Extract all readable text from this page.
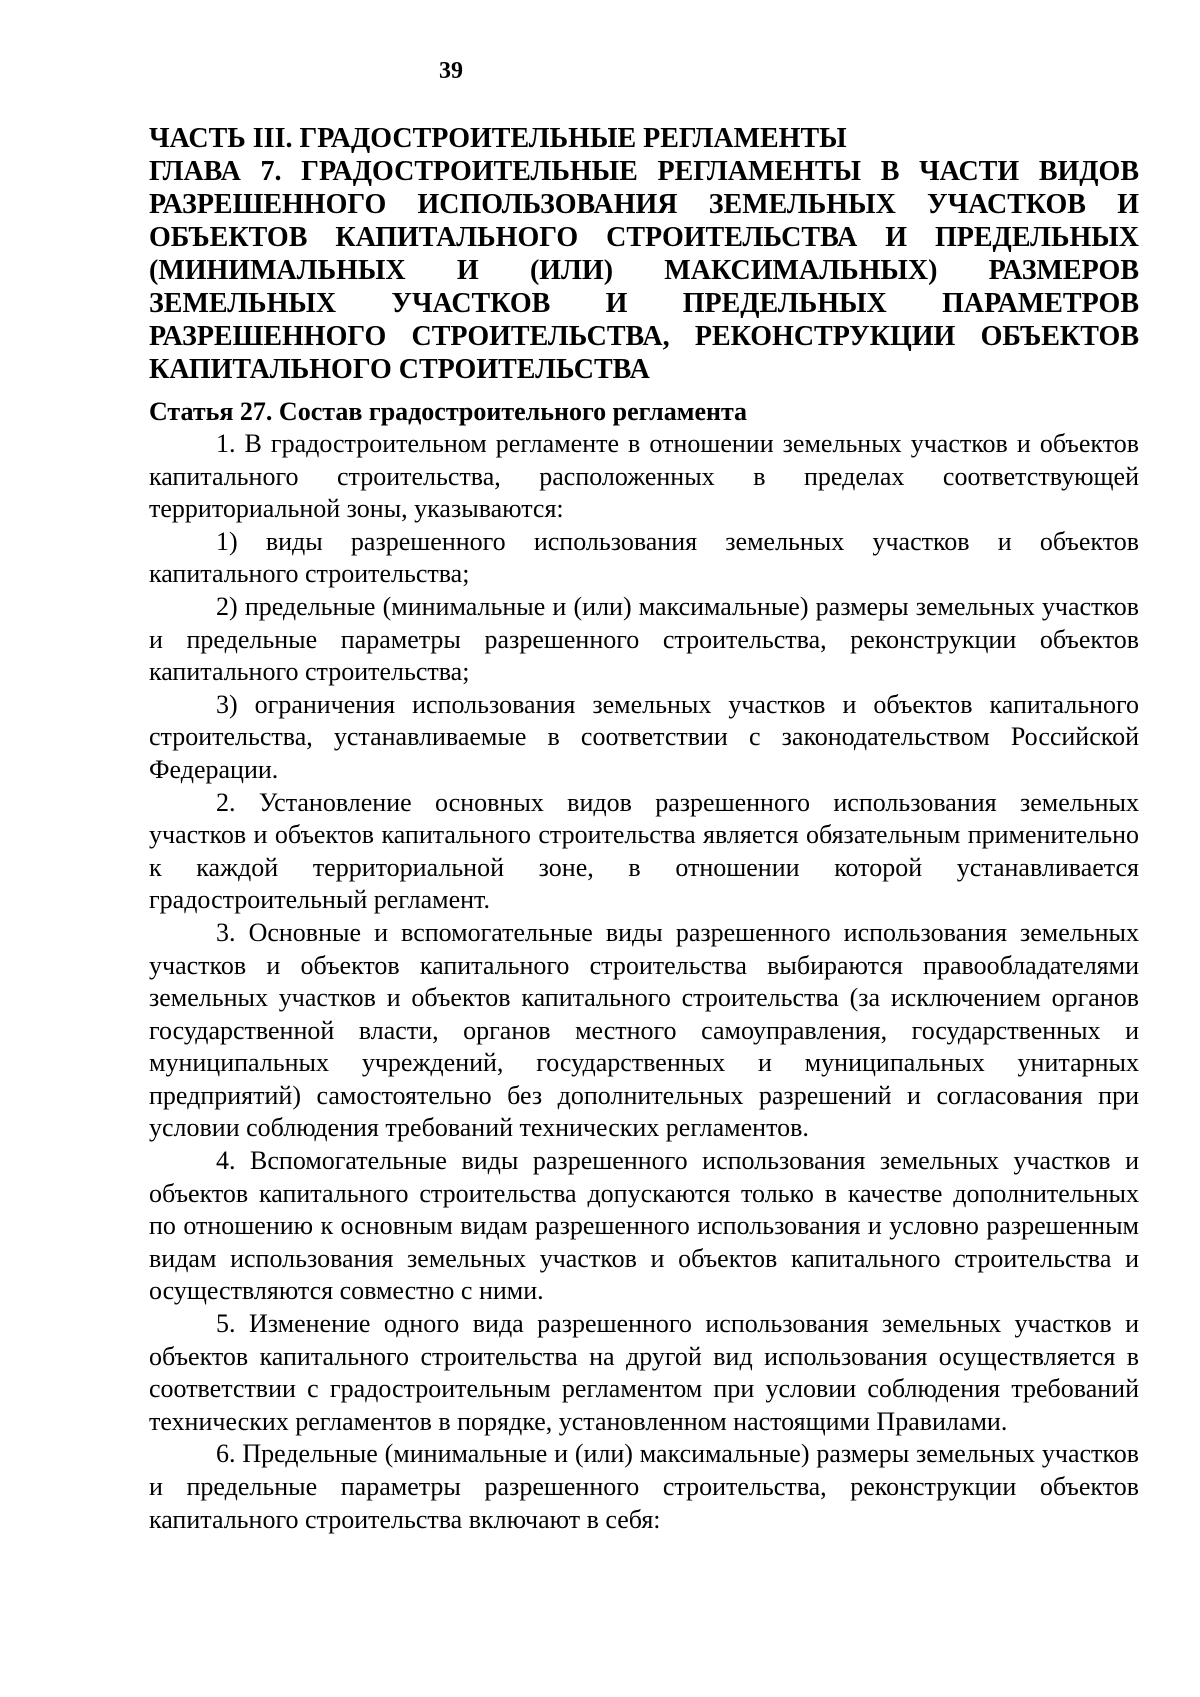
39
ЧАСТЬ III. ГРАДОСТРОИТЕЛЬНЫЕ РЕГЛАМЕНТЫ
ГЛАВА 7. ГРАДОСТРОИТЕЛЬНЫЕ РЕГЛАМЕНТЫ В ЧАСТИ ВИДОВ РАЗРЕШЕННОГО ИСПОЛЬЗОВАНИЯ ЗЕМЕЛЬНЫХ УЧАСТКОВ И ОБЪЕКТОВ КАПИТАЛЬНОГО СТРОИТЕЛЬСТВА И ПРЕДЕЛЬНЫХ (МИНИМАЛЬНЫХ И (ИЛИ) МАКСИМАЛЬНЫХ) РАЗМЕРОВ ЗЕМЕЛЬНЫХ УЧАСТКОВ И ПРЕДЕЛЬНЫХ ПАРАМЕТРОВ РАЗРЕШЕННОГО СТРОИТЕЛЬСТВА, РЕКОНСТРУКЦИИ ОБЪЕКТОВ КАПИТАЛЬНОГО СТРОИТЕЛЬСТВА
Статья 27. Состав градостроительного регламента

1. В градостроительном регламенте в отношении земельных участков и объектов капитального строительства, расположенных в пределах соответствующей территориальной зоны, указываются:

1) виды разрешенного использования земельных участков и объектов капитального строительства;

2) предельные (минимальные и (или) максимальные) размеры земельных участков и предельные параметры разрешенного строительства, реконструкции объектов капитального строительства;

3) ограничения использования земельных участков и объектов капитального строительства, устанавливаемые в соответствии с законодательством Российской Федерации.

2. Установление основных видов разрешенного использования земельных участков и объектов капитального строительства является обязательным применительно к каждой территориальной зоне, в отношении которой устанавливается градостроительный регламент.

3. Основные и вспомогательные виды разрешенного использования земельных участков и объектов капитального строительства выбираются правообладателями земельных участков и объектов капитального строительства (за исключением органов государственной власти, органов местного самоуправления, государственных и муниципальных учреждений, государственных и муниципальных унитарных предприятий) самостоятельно без дополнительных разрешений и согласования при условии соблюдения требований технических регламентов.

4. Вспомогательные виды разрешенного использования земельных участков и объектов капитального строительства допускаются только в качестве дополнительных по отношению к основным видам разрешенного использования и условно разрешенным видам использования земельных участков и объектов капитального строительства и осуществляются совместно с ними.

5. Изменение одного вида разрешенного использования земельных участков и объектов капитального строительства на другой вид использования осуществляется в соответствии с градостроительным регламентом при условии соблюдения требований технических регламентов в порядке, установленном настоящими Правилами.

6. Предельные (минимальные и (или) максимальные) размеры земельных участков и предельные параметры разрешенного строительства, реконструкции объектов капитального строительства включают в себя:
